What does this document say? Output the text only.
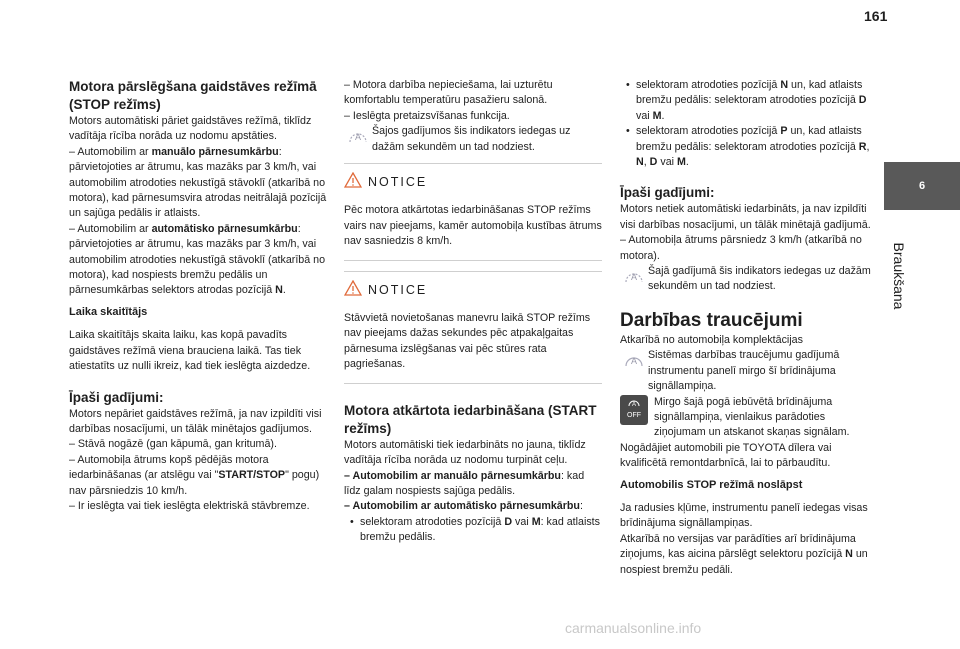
161
6
Braukšana

Motora pārslēgšana gaidstāves režīmā (STOP režīms)

Motors automātiski pāriet gaidstāves režīmā, tiklīdz vadītāja rīcība norāda uz nodomu apstāties.

– Automobilim ar manuālo pārnesumkārbu: pārvietojoties ar ātrumu, kas mazāks par 3 km/h, vai automobilim atrodoties nekustīgā stāvoklī (atkarībā no motora), kad pārnesumsvira atrodas neitrālajā pozīcijā un sajūga pedālis ir atlaists.

– Automobilim ar automātisko pārnesumkārbu: pārvietojoties ar ātrumu, kas mazāks par 3 km/h, vai automobilim atrodoties nekustīgā stāvoklī (atkarībā no motora), kad nospiests bremžu pedālis un pārnesumkārbas selektors atrodas pozīcijā N.

Laika skaitītājs

Laika skaitītājs skaita laiku, kas kopā pavadīts gaidstāves režīmā viena brauciena laikā. Tas tiek atiestatīts uz nulli ikreiz, kad tiek ieslēgta aizdedze.

Īpaši gadījumi:

Motors nepāriet gaidstāves režīmā, ja nav izpildīti visi darbības nosacījumi, un tālāk minētajos gadījumos.

– Stāvā nogāzē (gan kāpumā, gan kritumā).

– Automobiļa ātrums kopš pēdējās motora iedarbināšanas (ar atslēgu vai "START/STOP" pogu) nav pārsniedzis 10 km/h.

– Ir ieslēgta vai tiek ieslēgta elektriskā stāvbremze.

– Motora darbība nepieciešama, lai uzturētu komfortablu temperatūru pasažieru salonā.

– Ieslēgta pretaizsvīšanas funkcija.

A Šajos gadījumos šis indikators iedegas uz dažām sekundēm un tad nodziest.

NOTICE

Pēc motora atkārtotas iedarbināšanas STOP režīms vairs nav pieejams, kamēr automobiļa kustības ātrums nav sasniedzis 8 km/h.

NOTICE

Stāvvietā novietošanas manevru laikā STOP režīms nav pieejams dažas sekundes pēc atpakaļgaitas pārnesuma izslēgšanas vai pēc stūres rata pagriešanas.

Motora atkārtota iedarbināšana (START režīms)

Motors automātiski tiek iedarbināts no jauna, tiklīdz vadītāja rīcība norāda uz nodomu turpināt ceļu.

– Automobilim ar manuālo pārnesumkārbu: kad līdz galam nospiests sajūga pedālis.

– Automobilim ar automātisko pārnesumkārbu:

• selektoram atrodoties pozīcijā D vai M: kad atlaists bremžu pedālis.

• selektoram atrodoties pozīcijā N un, kad atlaists bremžu pedālis: selektoram atrodoties pozīcijā D vai M.

• selektoram atrodoties pozīcijā P un, kad atlaists bremžu pedālis: selektoram atrodoties pozīcijā R, N, D vai M.

Īpaši gadījumi:

Motors netiek automātiski iedarbināts, ja nav izpildīti visi darbības nosacījumi, un tālāk minētajā gadījumā.

– Automobiļa ātrums pārsniedz 3 km/h (atkarībā no motora).

A Šajā gadījumā šis indikators iedegas uz dažām sekundēm un tad nodziest.

Darbības traucējumi

Atkarībā no automobiļa komplektācijas

A Sistēmas darbības traucējumu gadījumā instrumentu panelī mirgo šī brīdinājuma signāllampiņa.

A
OFF

Mirgo šajā pogā iebūvētā brīdinājuma signāllampiņa, vienlaikus parādoties ziņojumam un atskanot skaņas signālam.

Nogādājiet automobili pie TOYOTA dīlera vai kvalificētā remontdarbnīcā, lai to pārbaudītu.

Automobilis STOP režīmā noslāpst

Ja radusies kļūme, instrumentu panelī iedegas visas brīdinājuma signāllampiņas.

Atkarībā no versijas var parādīties arī brīdinājuma ziņojums, kas aicina pārslēgt selektoru pozīcijā N un nospiest bremžu pedāli.

carmanualsonline.info
